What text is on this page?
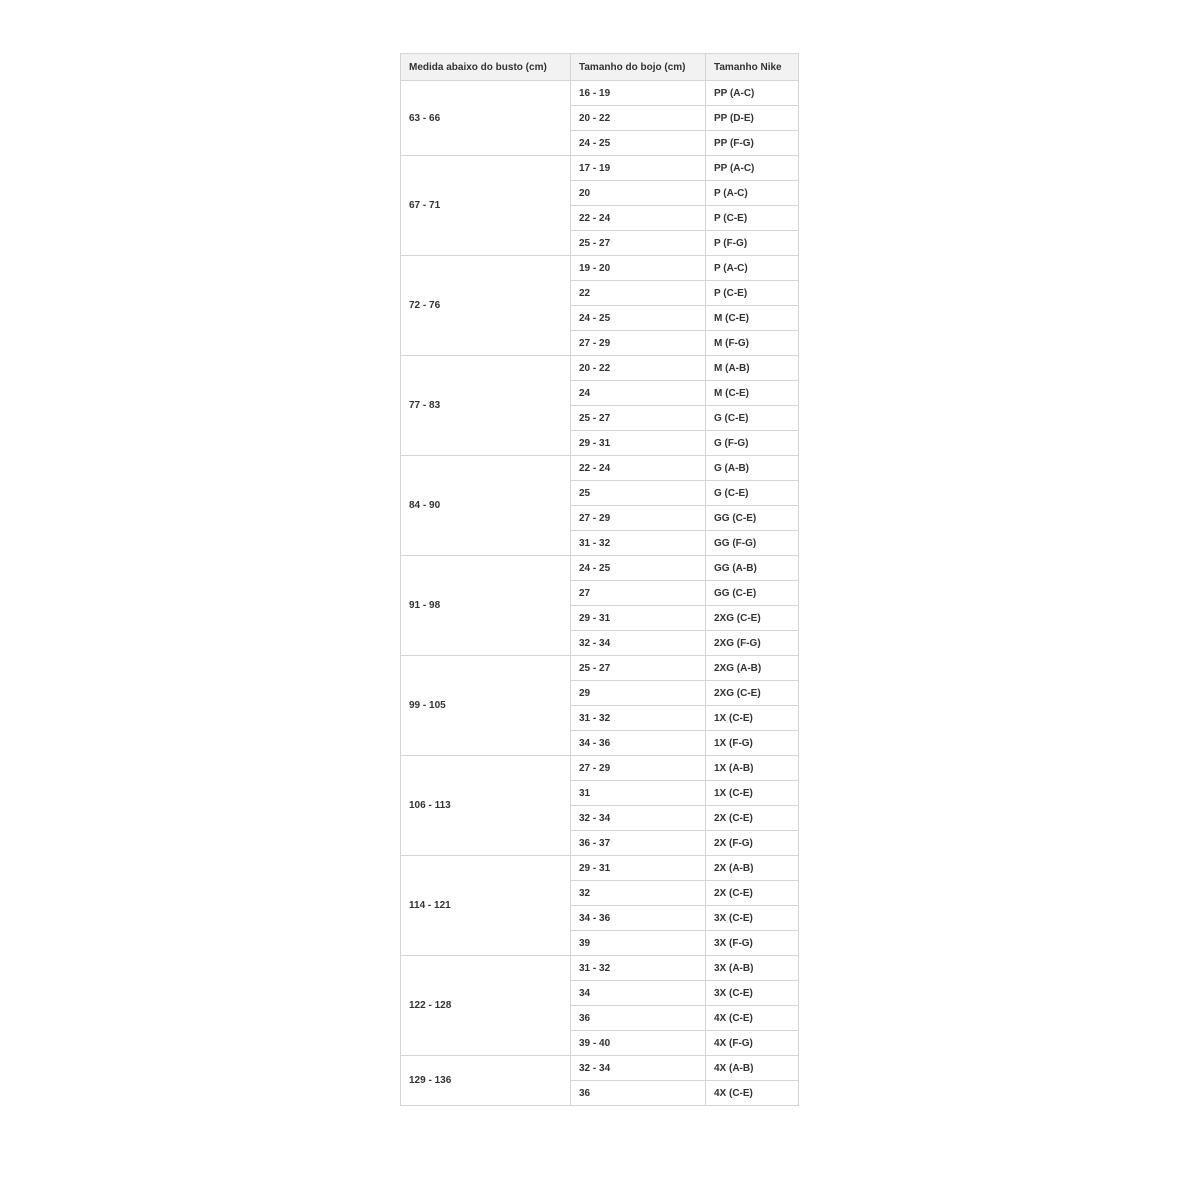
Medida abaixo do busto (cm)	Tamanho do bojo (cm)	Tamanho Nike
63 - 66	16 - 19	PP (A-C)
	20 - 22	PP (D-E)
	24 - 25	PP (F-G)
67 - 71	17 - 19	PP (A-C)
	20	P (A-C)
	22 - 24	P (C-E)
	25 - 27	P (F-G)
72 - 76	19 - 20	P (A-C)
	22	P (C-E)
	24 - 25	M (C-E)
	27 - 29	M (F-G)
77 - 83	20 - 22	M (A-B)
	24	M (C-E)
	25 - 27	G (C-E)
	29 - 31	G (F-G)
84 - 90	22 - 24	G (A-B)
	25	G (C-E)
	27 - 29	GG (C-E)
	31 - 32	GG (F-G)
91 - 98	24 - 25	GG (A-B)
	27	GG (C-E)
	29 - 31	2XG (C-E)
	32 - 34	2XG (F-G)
99 - 105	25 - 27	2XG (A-B)
	29	2XG (C-E)
	31 - 32	1X (C-E)
	34 - 36	1X (F-G)
106 - 113	27 - 29	1X (A-B)
	31	1X (C-E)
	32 - 34	2X (C-E)
	36 - 37	2X (F-G)
114 - 121	29 - 31	2X (A-B)
	32	2X (C-E)
	34 - 36	3X (C-E)
	39	3X (F-G)
122 - 128	31 - 32	3X (A-B)
	34	3X (C-E)
	36	4X (C-E)
	39 - 40	4X (F-G)
129 - 136	32 - 34	4X (A-B)
	36	4X (C-E)
